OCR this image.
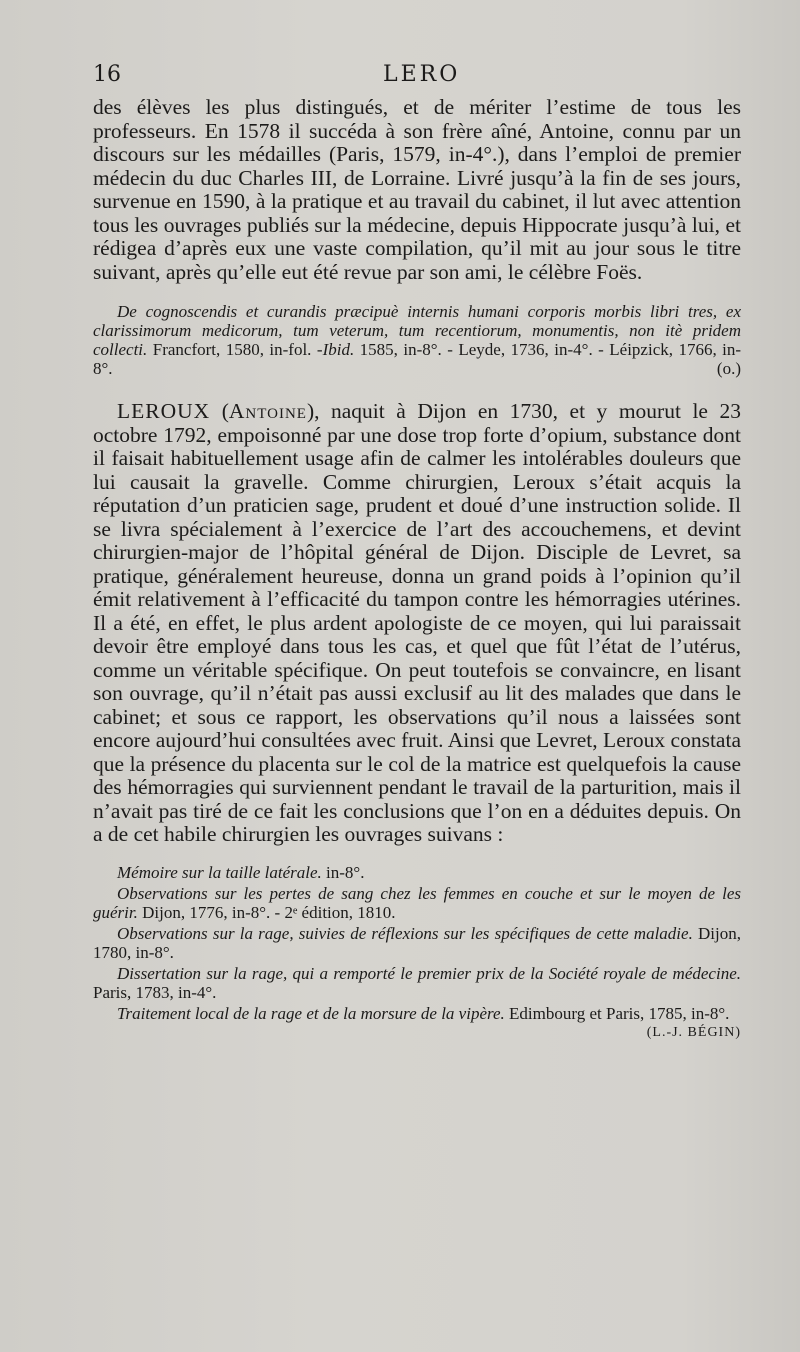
16	LERO

des élèves les plus distingués, et de mériter l’estime de tous les professeurs. En 1578 il succéda à son frère aîné, Antoine, connu par un discours sur les médailles (Paris, 1579, in-4°.), dans l’emploi de premier médecin du duc Charles III, de Lorraine. Livré jusqu’à la fin de ses jours, survenue en 1590, à la pratique et au travail du cabinet, il lut avec attention tous les ouvrages publiés sur la médecine, depuis Hippocrate jusqu’à lui, et rédigea d’après eux une vaste compilation, qu’il mit au jour sous le titre suivant, après qu’elle eut été revue par son ami, le célèbre Foës.

De cognoscendis et curandis præcipuè internis humani corporis morbis libri tres, ex clarissimorum medicorum, tum veterum, tum recentiorum, monumentis, non itè pridem collecti. Francfort, 1580, in-fol. -Ibid. 1585, in-8°. - Leyde, 1736, in-4°. - Léipzick, 1766, in-8°.	(o.)

LEROUX (Antoine), naquit à Dijon en 1730, et y mourut le 23 octobre 1792, empoisonné par une dose trop forte d’opium, substance dont il faisait habituellement usage afin de calmer les intolérables douleurs que lui causait la gravelle. Comme chirurgien, Leroux s’était acquis la réputation d’un praticien sage, prudent et doué d’une instruction solide. Il se livra spécialement à l’exercice de l’art des accouchemens, et devint chirurgien-major de l’hôpital général de Dijon. Disciple de Levret, sa pratique, généralement heureuse, donna un grand poids à l’opinion qu’il émit relativement à l’efficacité du tampon contre les hémorragies utérines. Il a été, en effet, le plus ardent apologiste de ce moyen, qui lui paraissait devoir être employé dans tous les cas, et quel que fût l’état de l’utérus, comme un véritable spécifique. On peut toutefois se convaincre, en lisant son ouvrage, qu’il n’était pas aussi exclusif au lit des malades que dans le cabinet; et sous ce rapport, les observations qu’il nous a laissées sont encore aujourd’hui consultées avec fruit. Ainsi que Levret, Leroux constata que la présence du placenta sur le col de la matrice est quelquefois la cause des hémorragies qui surviennent pendant le travail de la parturition, mais il n’avait pas tiré de ce fait les conclusions que l’on en a déduites depuis. On a de cet habile chirurgien les ouvrages suivans :

Mémoire sur la taille latérale. in-8°.

Observations sur les pertes de sang chez les femmes en couche et sur le moyen de les guérir. Dijon, 1776, in-8°. - 2ᵉ édition, 1810.

Observations sur la rage, suivies de réflexions sur les spécifiques de cette maladie. Dijon, 1780, in-8°.

Dissertation sur la rage, qui a remporté le premier prix de la Société royale de médecine. Paris, 1783, in-4°.

Traitement local de la rage et de la morsure de la vipère. Edimbourg et Paris, 1785, in-8°.
(L.-J. BÉGIN)
